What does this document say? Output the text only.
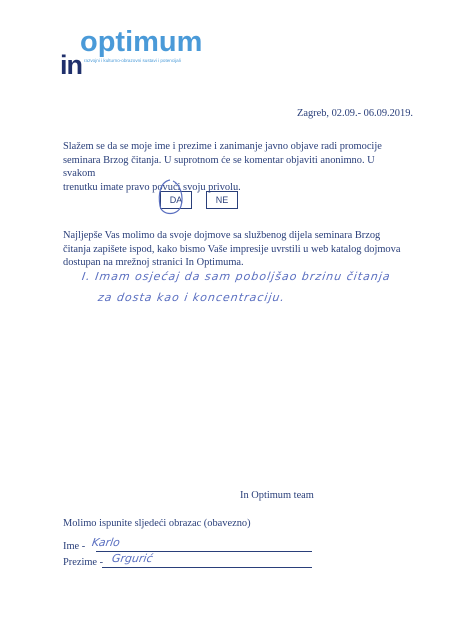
optimum
in razvojni i kulturno-obrazovni sustavi i potencijali
Zagreb, 02.09.- 06.09.2019.
Slažem se da se moje ime i prezime i zanimanje javno objave radi promocije
seminara Brzog čitanja. U suprotnom će se komentar objaviti anonimno. U svakom
trenutku imate pravo povući svoju privolu.
DA	NE
Najljepše Vas molimo da svoje dojmove sa službenog dijela seminara Brzog
čitanja zapišete ispod, kako bismo Vaše impresije uvrstili u web katalog dojmova
dostupan na mrežnoj stranici In Optimuma.
I. Imam osjećaj da sam poboljšao brzinu čitanja
za dosta kao i koncentraciju.
In Optimum team
Molimo ispunite sljedeći obrazac (obavezno)
Ime - Karlo
Prezime - Grgurić
